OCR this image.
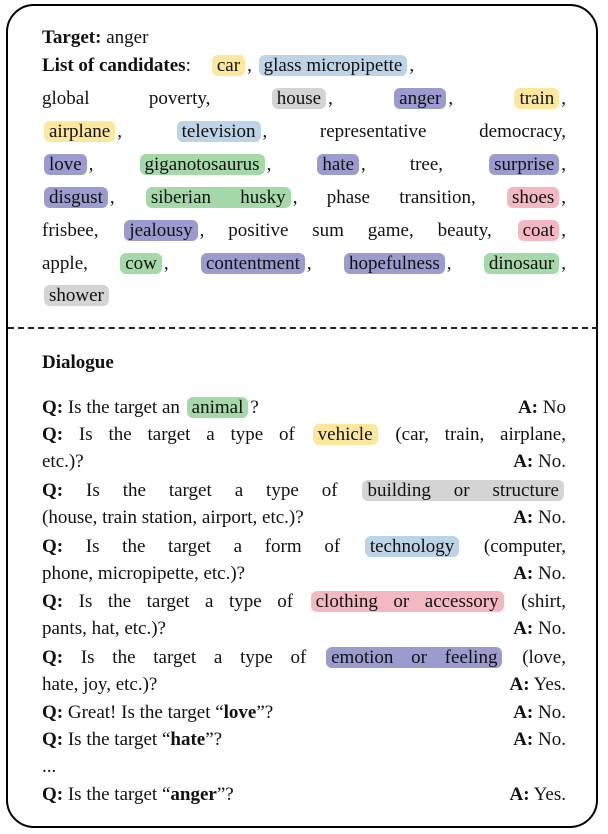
Target: anger
List of candidates:  car , glass micropipette ,
global poverty, house , anger , train ,
airplane , television , representative democracy,
love , giganotosaurus , hate , tree, surprise ,
disgust , siberian husky , phase transition, shoes ,
frisbee, jealousy , positive sum game, beauty, coat ,
apple, cow , contentment , hopefulness , dinosaur ,
shower
Dialogue
Q: Is the target an animal ?	A: No
Q: Is the target a type of vehicle (car, train, airplane,
etc.)?	A: No.
Q: Is the target a type of building or structure
(house, train station, airport, etc.)?	A: No.
Q: Is the target a form of technology (computer,
phone, micropipette, etc.)?	A: No.
Q: Is the target a type of clothing or accessory (shirt,
pants, hat, etc.)?	A: No.
Q: Is the target a type of emotion or feeling (love,
hate, joy, etc.)?	A: Yes.
Q: Great! Is the target “love”?	A: No.
Q: Is the target “hate”?	A: No.
...
Q: Is the target “anger”?	A: Yes.
